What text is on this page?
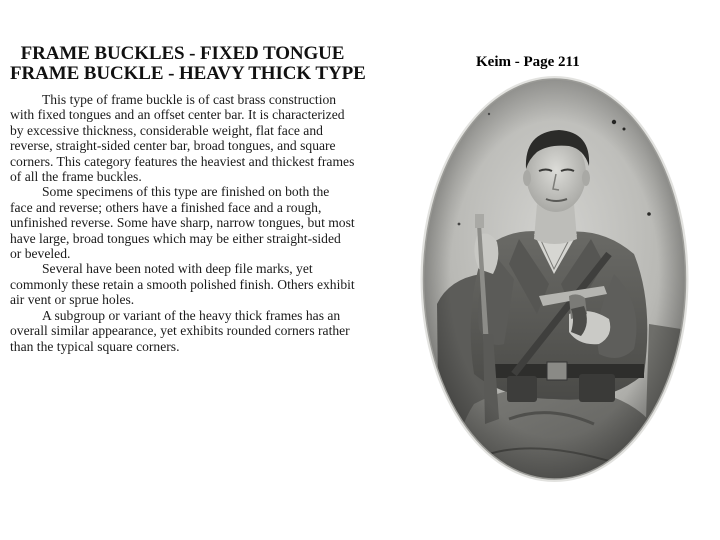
FRAME BUCKLES - FIXED TONGUE
FRAME BUCKLE - HEAVY THICK TYPE

This type of frame buckle is of cast brass construction with fixed tongues and an offset center bar. It is characterized by excessive thickness, considerable weight, flat face and reverse, straight-sided center bar, broad tongues, and square corners. This category features the heaviest and thickest frames of all the frame buckles.

Some specimens of this type are finished on both the face and reverse; others have a finished face and a rough, unfinished reverse. Some have sharp, narrow tongues, but most have large, broad tongues which may be either straight-sided or beveled.

Several have been noted with deep file marks, yet commonly these retain a smooth polished finish. Others exhibit air vent or sprue holes.

A subgroup or variant of the heavy thick frames has an overall similar appearance, yet exhibits rounded corners rather than the typical square corners.

Keim - Page 211
